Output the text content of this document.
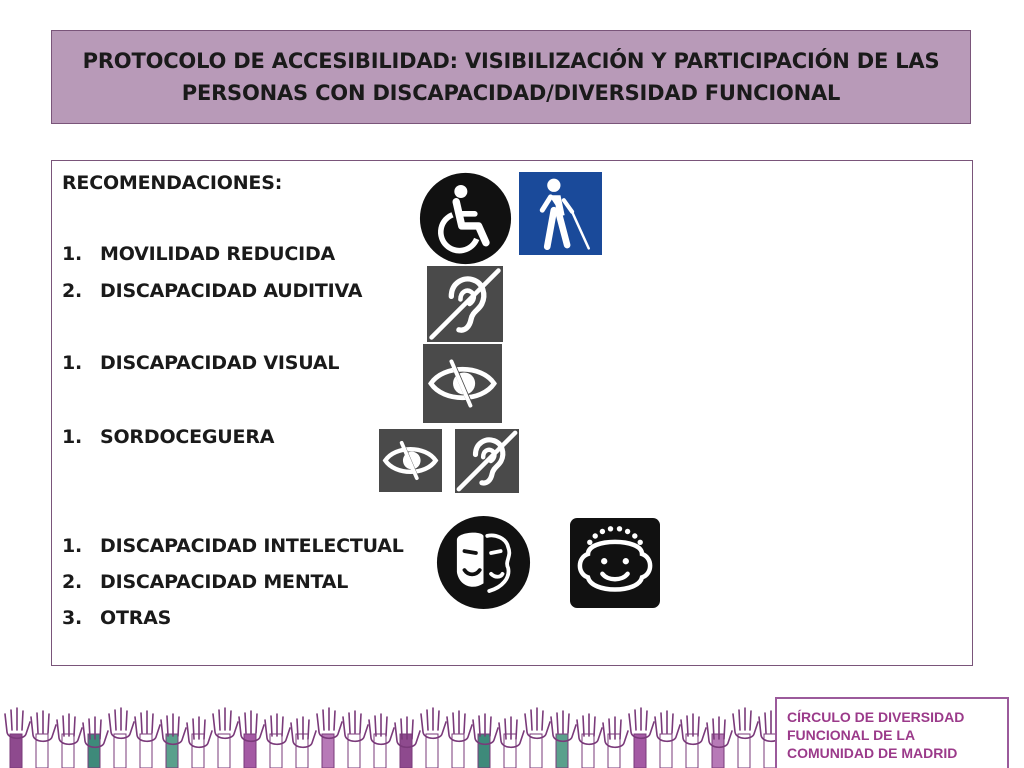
PROTOCOLO DE ACCESIBILIDAD: VISIBILIZACIÓN Y PARTICIPACIÓN DE LAS
PERSONAS CON DISCAPACIDAD/DIVERSIDAD FUNCIONAL
RECOMENDACIONES:
1. MOVILIDAD REDUCIDA
2. DISCAPACIDAD AUDITIVA
1. DISCAPACIDAD VISUAL
1. SORDOCEGUERA
1. DISCAPACIDAD INTELECTUAL
2. DISCAPACIDAD MENTAL
3. OTRAS
CÍRCULO DE DIVERSIDAD
FUNCIONAL DE LA
COMUNIDAD DE MADRID
